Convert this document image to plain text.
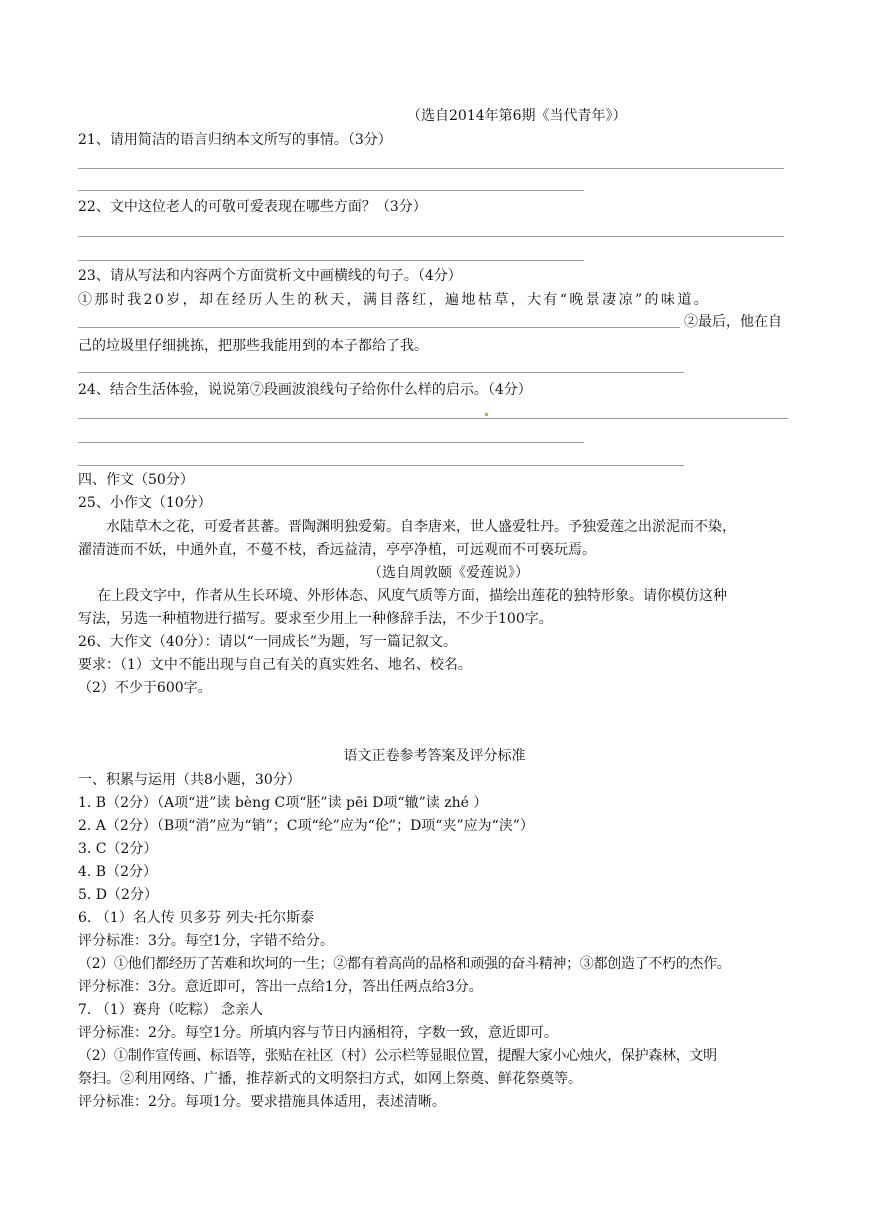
（选自2014年第6期《当代青年》）
21、请用简洁的语言归纳本文所写的事情。（3分）
22、文中这位老人的可敬可爱表现在哪些方面？（3分）
23、请从写法和内容两个方面赏析文中画横线的句子。（4分）
①那时我20岁，却在经历人生的秋天，满目落红，遍地枯草，大有“晚景凄凉”的味道。
②最后，他在自
己的垃圾里仔细挑拣，把那些我能用到的本子都给了我。
24、结合生活体验，说说第⑦段画波浪线句子给你什么样的启示。（4分）
四、作文（50分）
25、小作文（10分）
水陆草木之花，可爱者甚蕃。晋陶渊明独爱菊。自李唐来，世人盛爱牡丹。予独爱莲之出淤泥而不染，
濯清涟而不妖，中通外直，不蔓不枝，香远益清，亭亭净植，可远观而不可亵玩焉。
（选自周敦颐《爱莲说》）
在上段文字中，作者从生长环境、外形体态、风度气质等方面，描绘出莲花的独特形象。请你模仿这种
写法，另选一种植物进行描写。要求至少用上一种修辞手法，不少于100字。
26、大作文（40分）：请以“一同成长”为题，写一篇记叙文。
要求：（1）文中不能出现与自己有关的真实姓名、地名、校名。
（2）不少于600字。
语文正卷参考答案及评分标准
一、积累与运用（共8小题，30分）
1. B（2分）（A项“迸”读 bèng C项“胚”读 pēi D项“辙”读 zhé ）
2. A（2分）（B项“消”应为“销”；C项“纶”应为“伦”；D项“夹”应为“浃”）
3. C（2分）
4. B（2分）
5. D（2分）
6. （1）名人传 贝多芬 列夫·托尔斯泰
评分标准：3分。每空1分，字错不给分。
（2）①他们都经历了苦难和坎坷的一生；②都有着高尚的品格和顽强的奋斗精神；③都创造了不朽的杰作。
评分标准：3分。意近即可，答出一点给1分，答出任两点给3分。
7. （1）赛舟（吃粽） 念亲人
评分标准：2分。每空1分。所填内容与节日内涵相符，字数一致，意近即可。
（2）①制作宣传画、标语等，张贴在社区（村）公示栏等显眼位置，提醒大家小心烛火，保护森林，文明
祭扫。②利用网络、广播，推荐新式的文明祭扫方式，如网上祭奠、鲜花祭奠等。
评分标准：2分。每项1分。要求措施具体适用，表述清晰。
